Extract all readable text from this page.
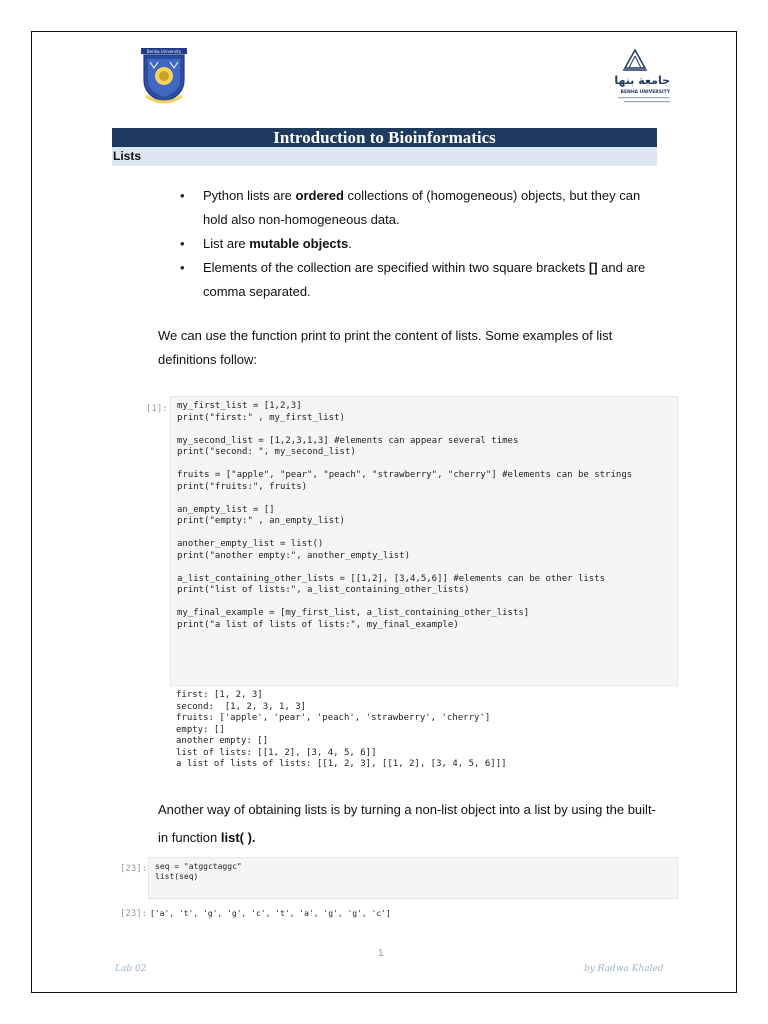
Benha University
جامعة بنها
BENHA UNIVERSITY
Introduction to Bioinformatics
Lists
• Python lists are ordered collections of (homogeneous) objects, but they can hold also non-homogeneous data.
• List are mutable objects.
• Elements of the collection are specified within two square brackets [] and are comma separated.

We can use the function print to print the content of lists. Some examples of list definitions follow:

[1]:	my_first_list = [1,2,3]
print("first:" , my_first_list)

my_second_list = [1,2,3,1,3] #elements can appear several times
print("second: ", my_second_list)

fruits = ["apple", "pear", "peach", "strawberry", "cherry"] #elements can be strings
print("fruits:", fruits)

an_empty_list = []
print("empty:" , an_empty_list)

another_empty_list = list()
print("another empty:", another_empty_list)

a_list_containing_other_lists = [[1,2], [3,4,5,6]] #elements can be other lists
print("list of lists:", a_list_containing_other_lists)

my_final_example = [my_first_list, a_list_containing_other_lists]
print("a list of lists of lists:", my_final_example)
first: [1, 2, 3]
second:  [1, 2, 3, 1, 3]
fruits: ['apple', 'pear', 'peach', 'strawberry', 'cherry']
empty: []
another empty: []
list of lists: [[1, 2], [3, 4, 5, 6]]
a list of lists of lists: [[1, 2, 3], [[1, 2], [3, 4, 5, 6]]]

Another way of obtaining lists is by turning a non-list object into a list by using the built-in function list( ).

[23]: seq = "atggctaggc"
list(seq)
[23]: ['a', 't', 'g', 'g', 'c', 't', 'a', 'g', 'g', 'c']
1
Lab 02	by Radwa Khaled
